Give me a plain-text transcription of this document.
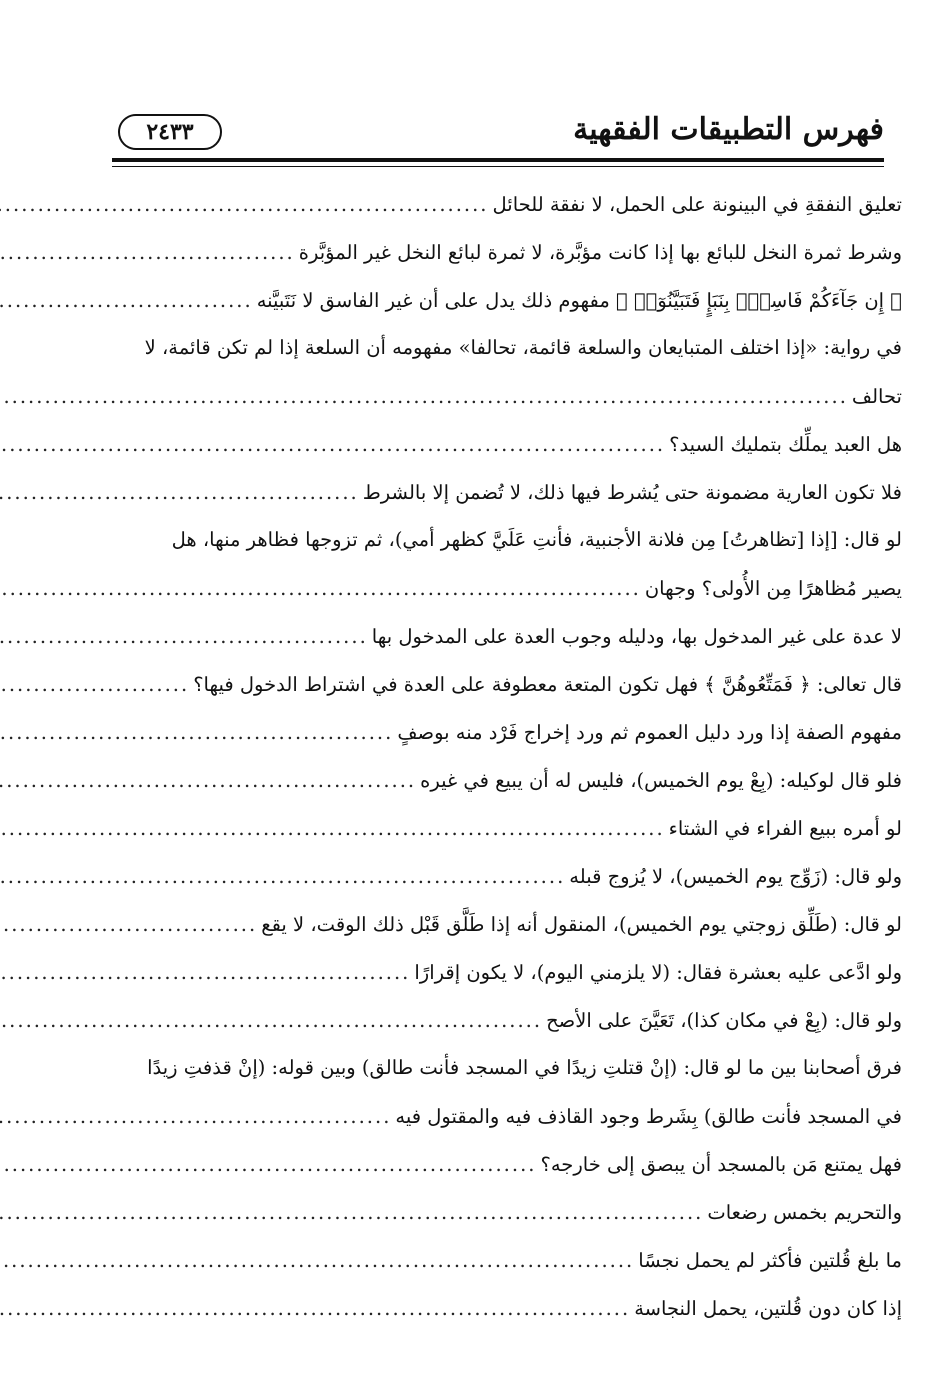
فهرس التطبيقات الفقهية
٢٤٣٣
تعليق النفقةِ في البينونة على الحمل، لا نفقة للحائل
.....
وشرط ثمرة النخل للبائع بها إذا كانت مؤبَّرة، لا ثمرة لبائع النخل غير المؤبَّرة
.....
﴿ إِن جَآءَكُمْ فَاسِقُۢ بِنَبَإٍ فَتَبَيَّنُوٓا۟ ﴾ مفهوم ذلك يدل على أن غير الفاسق لا نَتَبيَّنه
.....
في رواية: «إذا اختلف المتبايعان والسلعة قائمة، تحالفا» مفهومه أن السلعة إذا لم تكن قائمة، لا
تحالف
.....
هل العبد يملِّك بتمليك السيد؟
.....
فلا تكون العارية مضمونة حتى يُشرط فيها ذلك، لا تُضمن إلا بالشرط
.....
لو قال: [إذا [تظاهرتُ] مِن فلانة الأجنبية، فأنتِ عَلَيَّ كظهر أمي)، ثم تزوجها فظاهر منها، هل
يصير مُظاهرًا مِن الأُولى؟ وجهان
.....
لا عدة على غير المدخول بها، ودليله وجوب العدة على المدخول بها
.....
قال تعالى: ﴿ فَمَتِّعُوهُنَّ ﴾ فهل تكون المتعة معطوفة على العدة في اشتراط الدخول فيها؟
.....
مفهوم الصفة إذا ورد دليل العموم ثم ورد إخراج فَرْد منه بوصفٍ
.....
فلو قال لوكيله: (بِعْ يوم الخميس)، فليس له أن يبيع في غيره
.....
لو أمره ببيع الفراء في الشتاء
.....
ولو قال: (زَوِّج يوم الخميس)، لا يُزوج قبله
.....
لو قال: (طَلِّق زوجتي يوم الخميس)، المنقول أنه إذا طَلَّق قَبْل ذلك الوقت، لا يقع
.....
ولو ادَّعى عليه بعشرة فقال: (لا يلزمني اليوم)، لا يكون إقرارًا
.....
ولو قال: (بِعْ في مكان كذا)، تَعَيَّنَ على الأصح
.....
فرق أصحابنا بين ما لو قال: (إنْ قتلتِ زيدًا في المسجد فأنت طالق) وبين قوله: (إنْ قذفتِ زيدًا
في المسجد فأنت طالق) بِشَرط وجود القاذف فيه والمقتول فيه
.....
فهل يمتنع مَن بالمسجد أن يبصق إلى خارجه؟
.....
والتحريم بخمس رضعات
.....
ما بلغ قُلتين فأكثر لم يحمل نجسًا
.....
إذا كان دون قُلتين، يحمل النجاسة
.....
